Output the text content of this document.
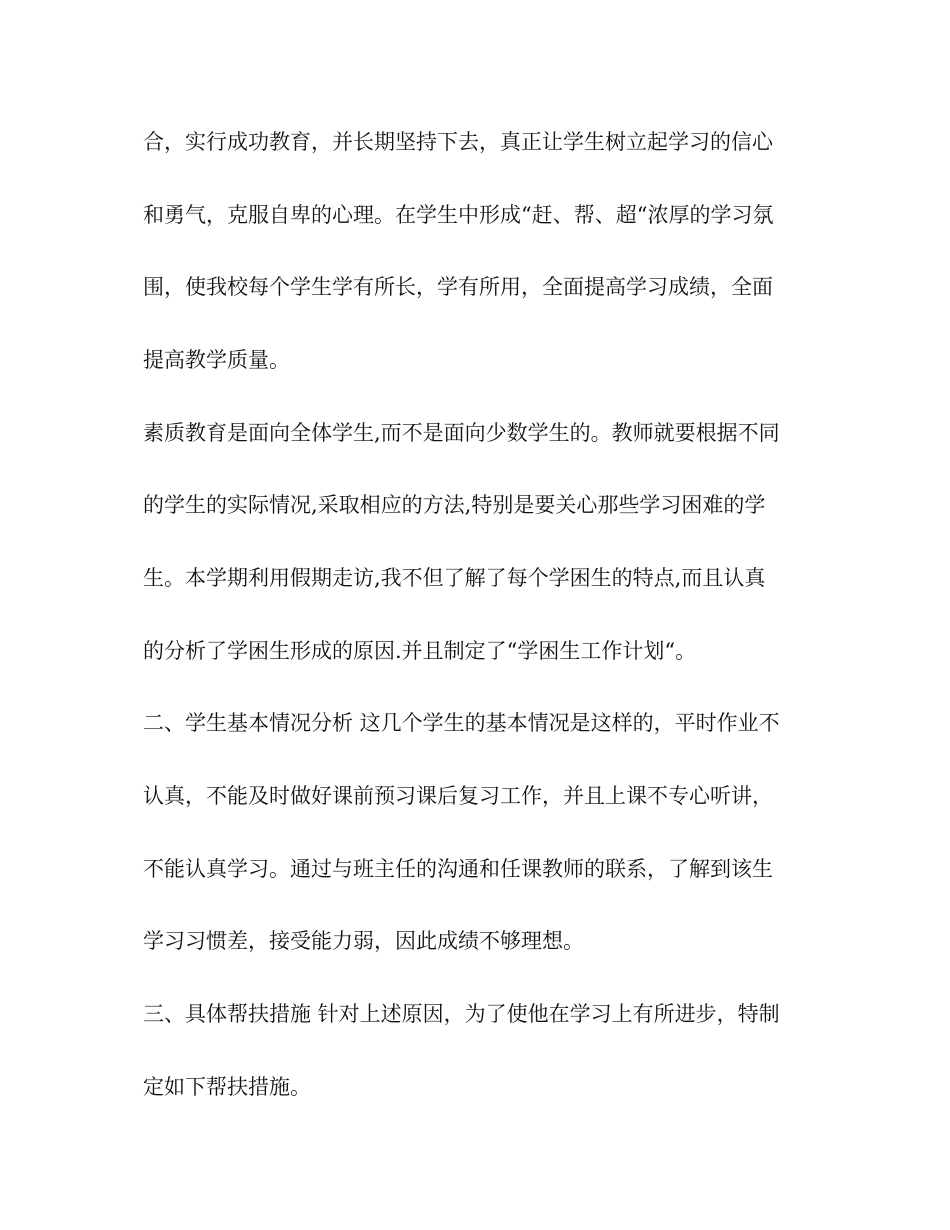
合，实行成功教育，并长期坚持下去，真正让学生树立起学习的信心
和勇气，克服自卑的心理。在学生中形成“赶、帮、超“浓厚的学习氛
围，使我校每个学生学有所长，学有所用，全面提高学习成绩，全面
提高教学质量。
素质教育是面向全体学生,而不是面向少数学生的。教师就要根据不同
的学生的实际情况,采取相应的方法,特别是要关心那些学习困难的学
生。本学期利用假期走访,我不但了解了每个学困生的特点,而且认真
的分析了学困生形成的原因.并且制定了“学困生工作计划“。
二、学生基本情况分析 这几个学生的基本情况是这样的，平时作业不
认真，不能及时做好课前预习课后复习工作，并且上课不专心听讲，
不能认真学习。通过与班主任的沟通和任课教师的联系，了解到该生
学习习惯差，接受能力弱，因此成绩不够理想。
三、具体帮扶措施 针对上述原因，为了使他在学习上有所进步，特制
定如下帮扶措施。
